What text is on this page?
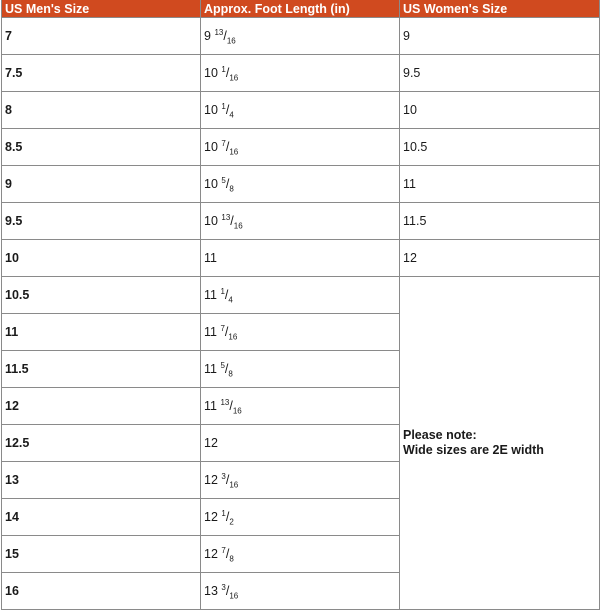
US Men's Size	Approx. Foot Length (in)	US Women's Size
7	9 $^{13}/_{16}$	9
7.5	10 $^1/_{16}$	9.5
8	10 $^1/_4$	10
8.5	10 $^7/_{16}$	10.5
9	10 $^5/_8$	11
9.5	10 $^{13}/_{16}$	11.5
10	11	12
10.5	11 $^1/_4$	Please note:
Wide sizes are 2E width

11	11 $^7/_{16}$
11.5	11 $^5/_8$
12	11 $^{13}/_{16}$
12.5	12	
13	12 $^3/_{16}$
14	12 $^1/_2$
15	12 $^7/_8$
16	13 $^3/_{16}$
